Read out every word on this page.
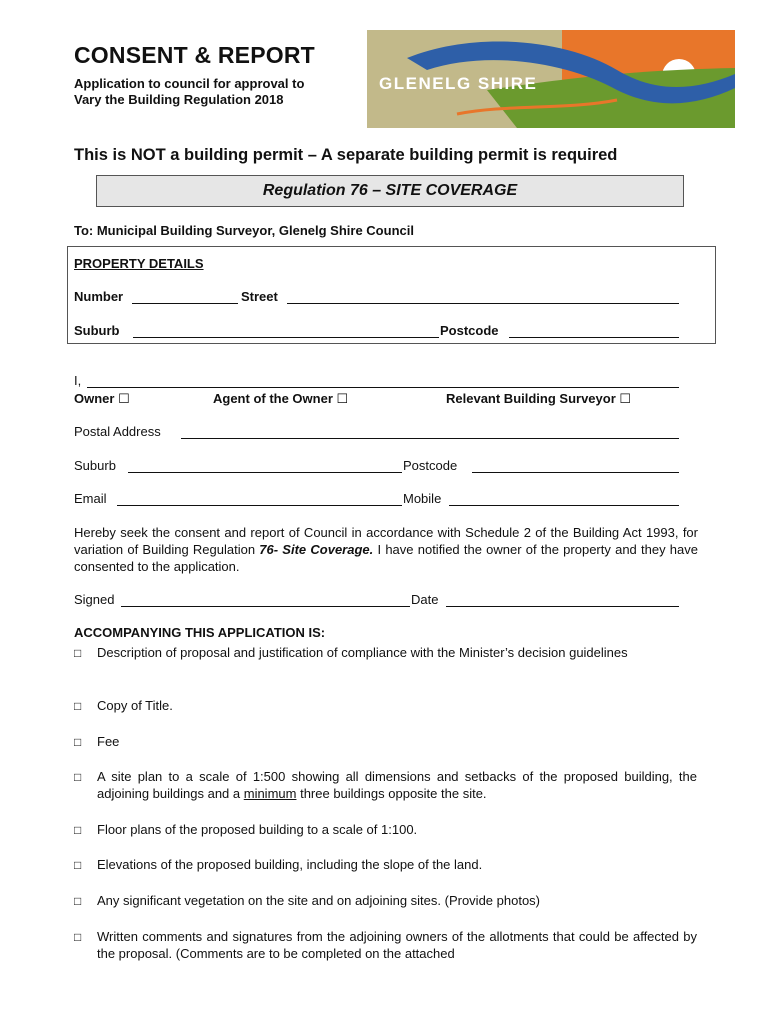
CONSENT & REPORT
Application to council for approval to
Vary the Building Regulation 2018
GLENELG SHIRE
This is NOT a building permit – A separate building permit is required
Regulation 76 – SITE COVERAGE
To: Municipal Building Surveyor, Glenelg Shire Council
PROPERTY DETAILS
Number	Street
Suburb	Postcode
I,
Owner ☐	Agent of the Owner ☐	Relevant Building Surveyor ☐
Postal Address
Suburb	Postcode
Email	Mobile
Hereby seek the consent and report of Council in accordance with Schedule 2 of the Building Act 1993, for variation of Building Regulation 76- Site Coverage. I have notified the owner of the property and they have consented to the application.
Signed	Date
ACCOMPANYING THIS APPLICATION IS:
□ Description of proposal and justification of compliance with the Minister’s decision guidelines
□ Copy of Title.
□ Fee
□ A site plan to a scale of 1:500 showing all dimensions and setbacks of the proposed building, the adjoining buildings and a minimum three buildings opposite the site.
□ Floor plans of the proposed building to a scale of 1:100.
□ Elevations of the proposed building, including the slope of the land.
□ Any significant vegetation on the site and on adjoining sites. (Provide photos)
□ Written comments and signatures from the adjoining owners of the allotments that could be affected by the proposal. (Comments are to be completed on the attached
